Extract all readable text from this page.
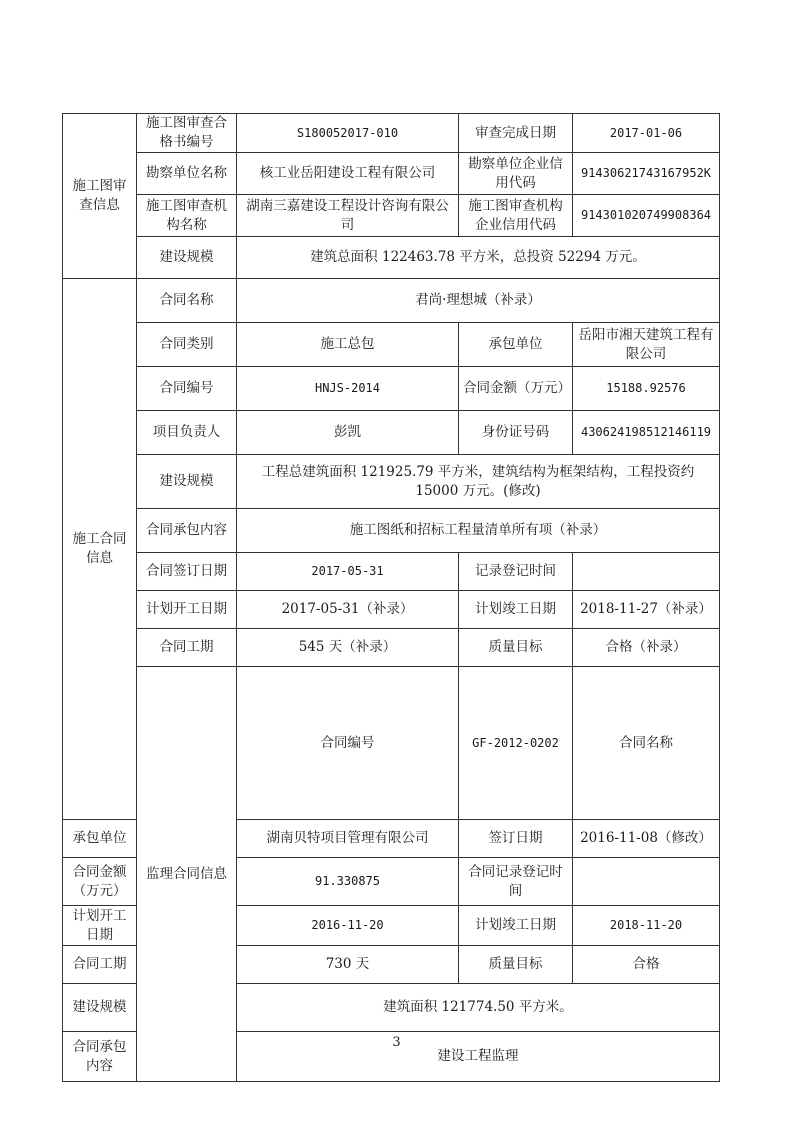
施工图审查信息	施工图审查合格书编号	S180052017-010	审查完成日期	2017-01-06	
	勘察单位名称	核工业岳阳建设工程有限公司	勘察单位企业信用代码	91430621743167952K	
	施工图审查机构名称	湖南三嘉建设工程设计咨询有限公司	施工图审查机构企业信用代码	914301020749908364	
	建设规模	建筑总面积 122463.78 平方米，总投资 52294 万元。			
施工合同信息	合同名称	君尚·理想城（补录）			
	合同类别	施工总包	承包单位	岳阳市湘天建筑工程有限公司	
	合同编号	HNJS-2014	合同金额（万元）	15188.92576	
	项目负责人	彭凯	身份证号码	430624198512146119	
	建设规模	工程总建筑面积 121925.79 平方米，建筑结构为框架结构，工程投资约 15000 万元。(修改)			
	合同承包内容	施工图纸和招标工程量清单所有项（补录）			
	合同签订日期	2017-05-31	记录登记时间		
	计划开工日期	2017-05-31（补录）	计划竣工日期	2018-11-27（补录）	
	合同工期	545 天（补录）	质量目标	合格（补录）	
	监理合同信息	合同编号	GF-2012-0202	合同名称	
承包单位		湖南贝特项目管理有限公司	签订日期	2016-11-08（修改）	
合同金额（万元）		91.330875	合同记录登记时间		
计划开工日期		2016-11-20	计划竣工日期	2018-11-20	
合同工期		730 天	质量目标	合格	
建设规模		建筑面积 121774.50 平方米。			
合同承包内容		建设工程监理			
3
